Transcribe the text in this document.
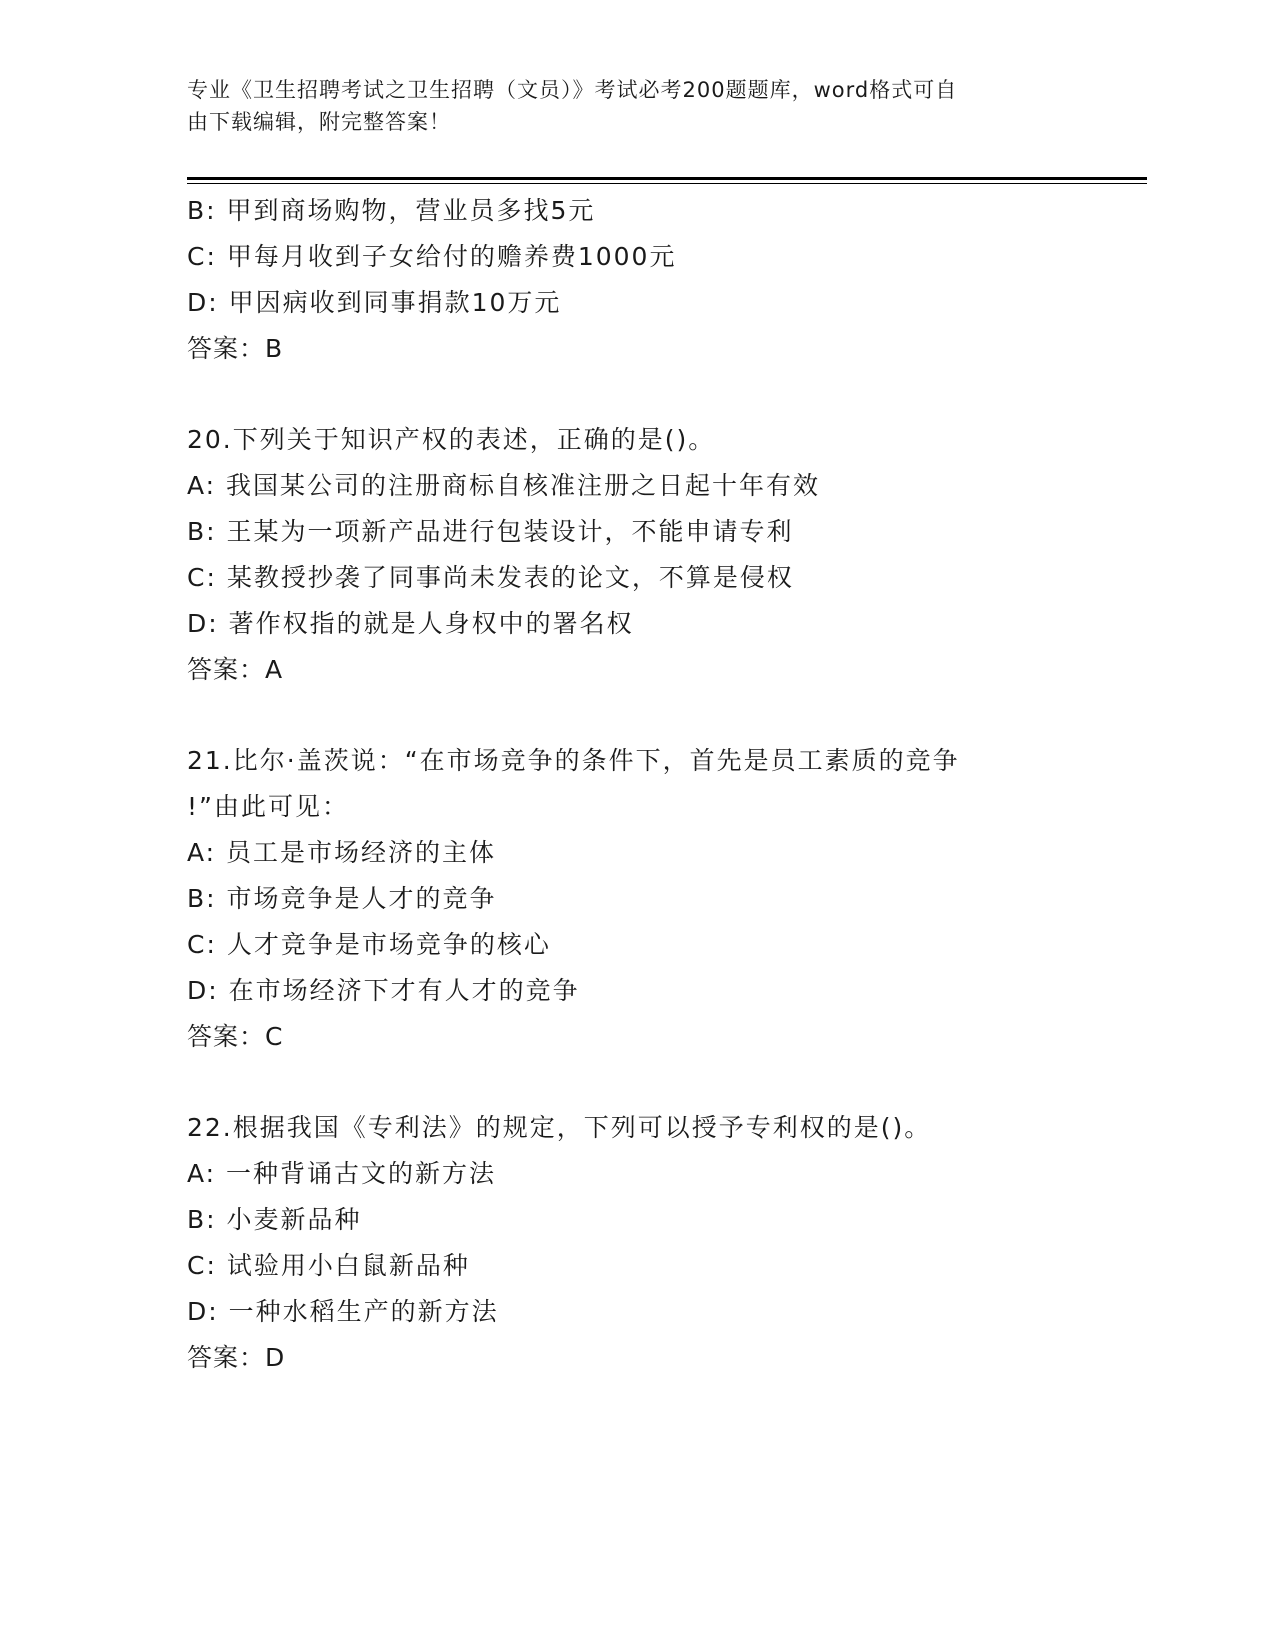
专业《卫生招聘考试之卫生招聘（文员）》考试必考200题题库，word格式可自
由下载编辑，附完整答案！
B: 甲到商场购物，营业员多找5元
C: 甲每月收到子女给付的赡养费1000元
D: 甲因病收到同事捐款10万元
答案：B
20.下列关于知识产权的表述，正确的是()。
A: 我国某公司的注册商标自核准注册之日起十年有效
B: 王某为一项新产品进行包装设计，不能申请专利
C: 某教授抄袭了同事尚未发表的论文，不算是侵权
D: 著作权指的就是人身权中的署名权
答案：A
21.比尔·盖茨说：“在市场竞争的条件下，首先是员工素质的竞争
!”由此可见：
A: 员工是市场经济的主体
B: 市场竞争是人才的竞争
C: 人才竞争是市场竞争的核心
D: 在市场经济下才有人才的竞争
答案：C
22.根据我国《专利法》的规定，下列可以授予专利权的是()。
A: 一种背诵古文的新方法
B: 小麦新品种
C: 试验用小白鼠新品种
D: 一种水稻生产的新方法
答案：D
